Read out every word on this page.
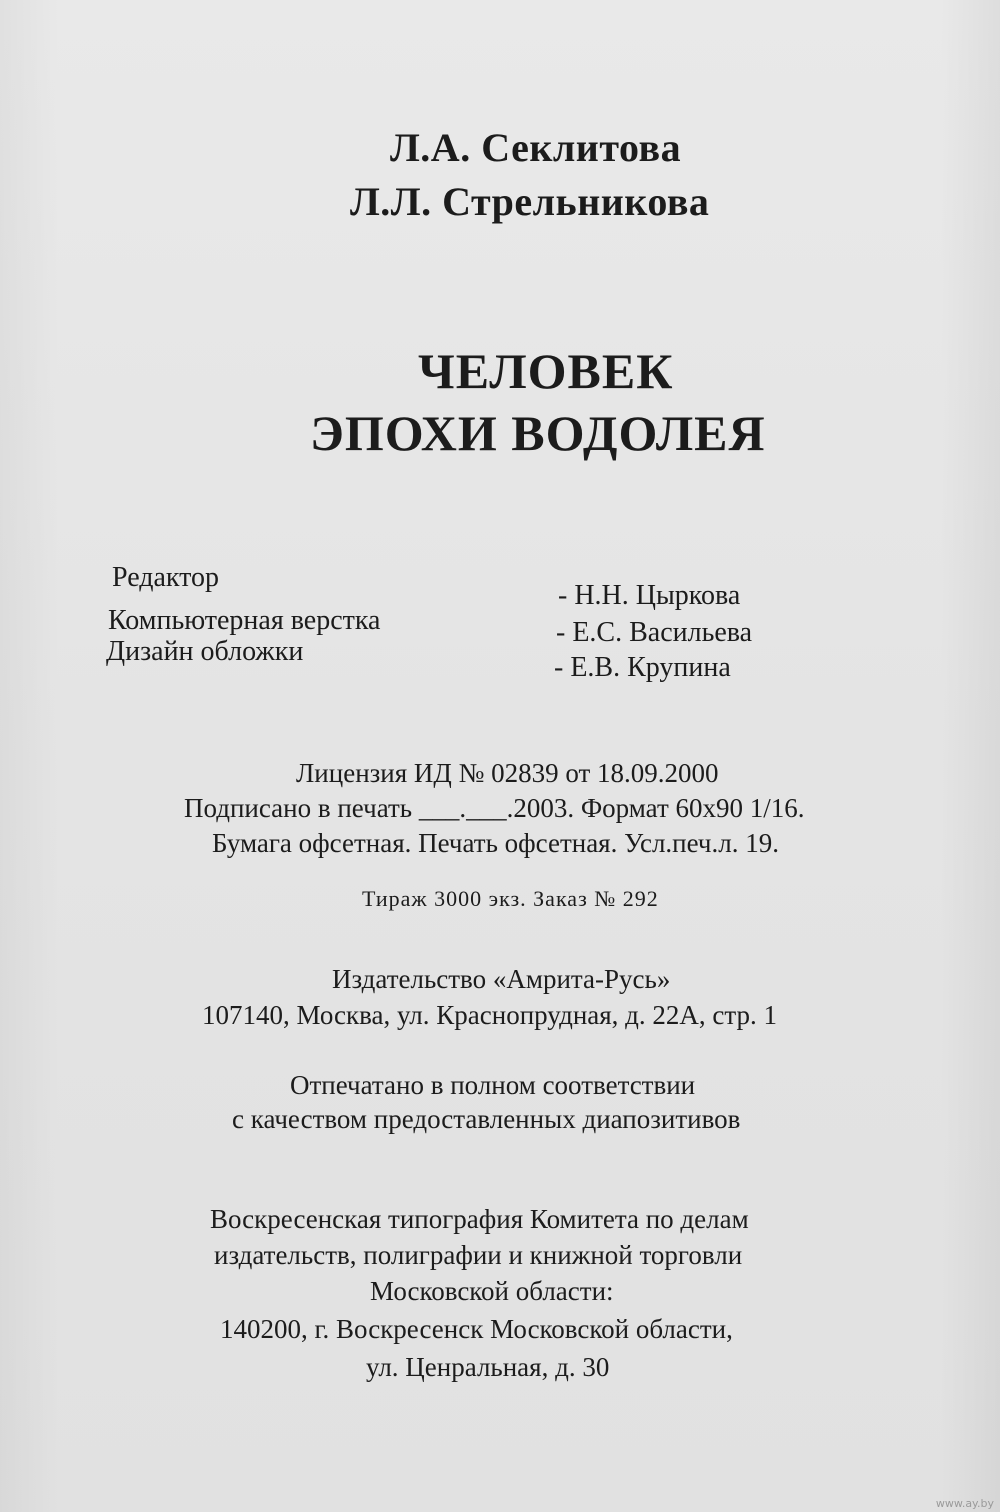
Л.А. Секлитова
Л.Л. Стрельникова
ЧЕЛОВЕК
ЭПОХИ ВОДОЛЕЯ
Редактор
Компьютерная верстка
Дизайн обложки
- Н.Н. Цыркова
- Е.С. Васильева
- Е.В. Крупина
Лицензия ИД № 02839 от 18.09.2000
Подписано в печать ___.___.2003. Формат 60х90 1/16.
Бумага офсетная. Печать офсетная. Усл.печ.л. 19.
Тираж 3000 экз. Заказ № 292
Издательство «Амрита-Русь»
107140, Москва, ул. Краснопрудная, д. 22А, стр. 1
Отпечатано в полном соответствии
с качеством предоставленных диапозитивов
Воскресенская типография Комитета по делам
издательств, полиграфии и книжной торговли
Московской области:
140200, г. Воскресенск Московской области,
ул. Ценральная, д. 30
www.ay.by
